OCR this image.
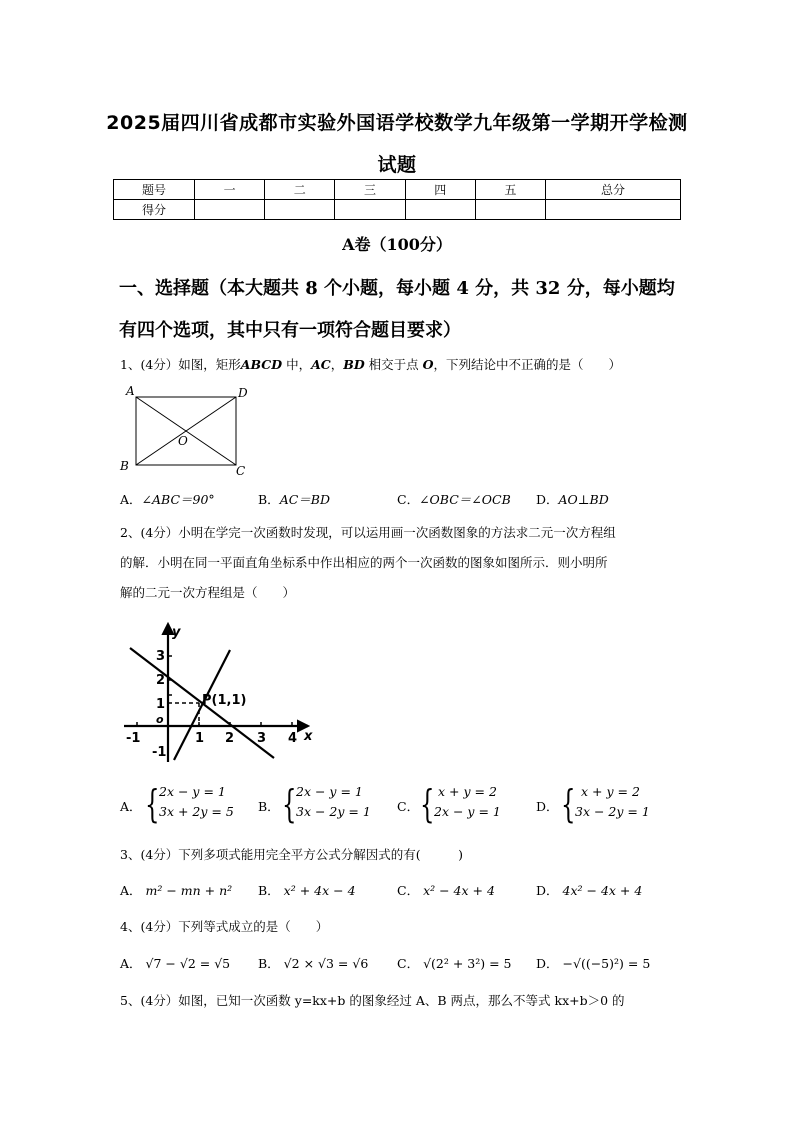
2025届四川省成都市实验外国语学校数学九年级第一学期开学检测
试题
题号	一	二	三	四	五	总分
得分						
A卷（100分）
一、选择题（本大题共 8 个小题，每小题 4 分，共 32 分，每小题均
有四个选项，其中只有一项符合题目要求）
1、(4分）如图，矩形ABCD 中，AC，BD 相交于点 O，下列结论中不正确的是（　　）
A	D
B	C
O
A．∠ABC＝90°	B．AC＝BD	C．∠OBC＝∠OCB D．AO⊥BD
2、(4分）小明在学完一次函数时发现，可以运用画一次函数图象的方法求二元一次方程组
的解．小明在同一平面直角坐标系中作出相应的两个一次函数的图象如图所示．则小明所
解的二元一次方程组是（　　）
y
x
o
P(1,1)
-1	1 2 3 4
3
2
1
-1
A． { 2x − y = 1
3x + 2y = 5 B． { 2x − y = 1
3x − 2y = 1 C． { x + y = 2
2x − y = 1	D． { x + y = 2
3x − 2y = 1
3、(4分）下列多项式能用完全平方公式分解因式的有(　　　)
A． m² − mn + n² B． x² + 4x − 4	C． x² − 4x + 4	D． 4x² − 4x + 4
4、(4分）下列等式成立的是（　　）
A． √7 − √2 = √5 B． √2 × √3 = √6 C． √(2² + 3²) = 5 D． −√((−5)²) = 5
5、(4分）如图，已知一次函数 y=kx+b 的图象经过 A、B 两点，那么不等式 kx+b＞0 的
